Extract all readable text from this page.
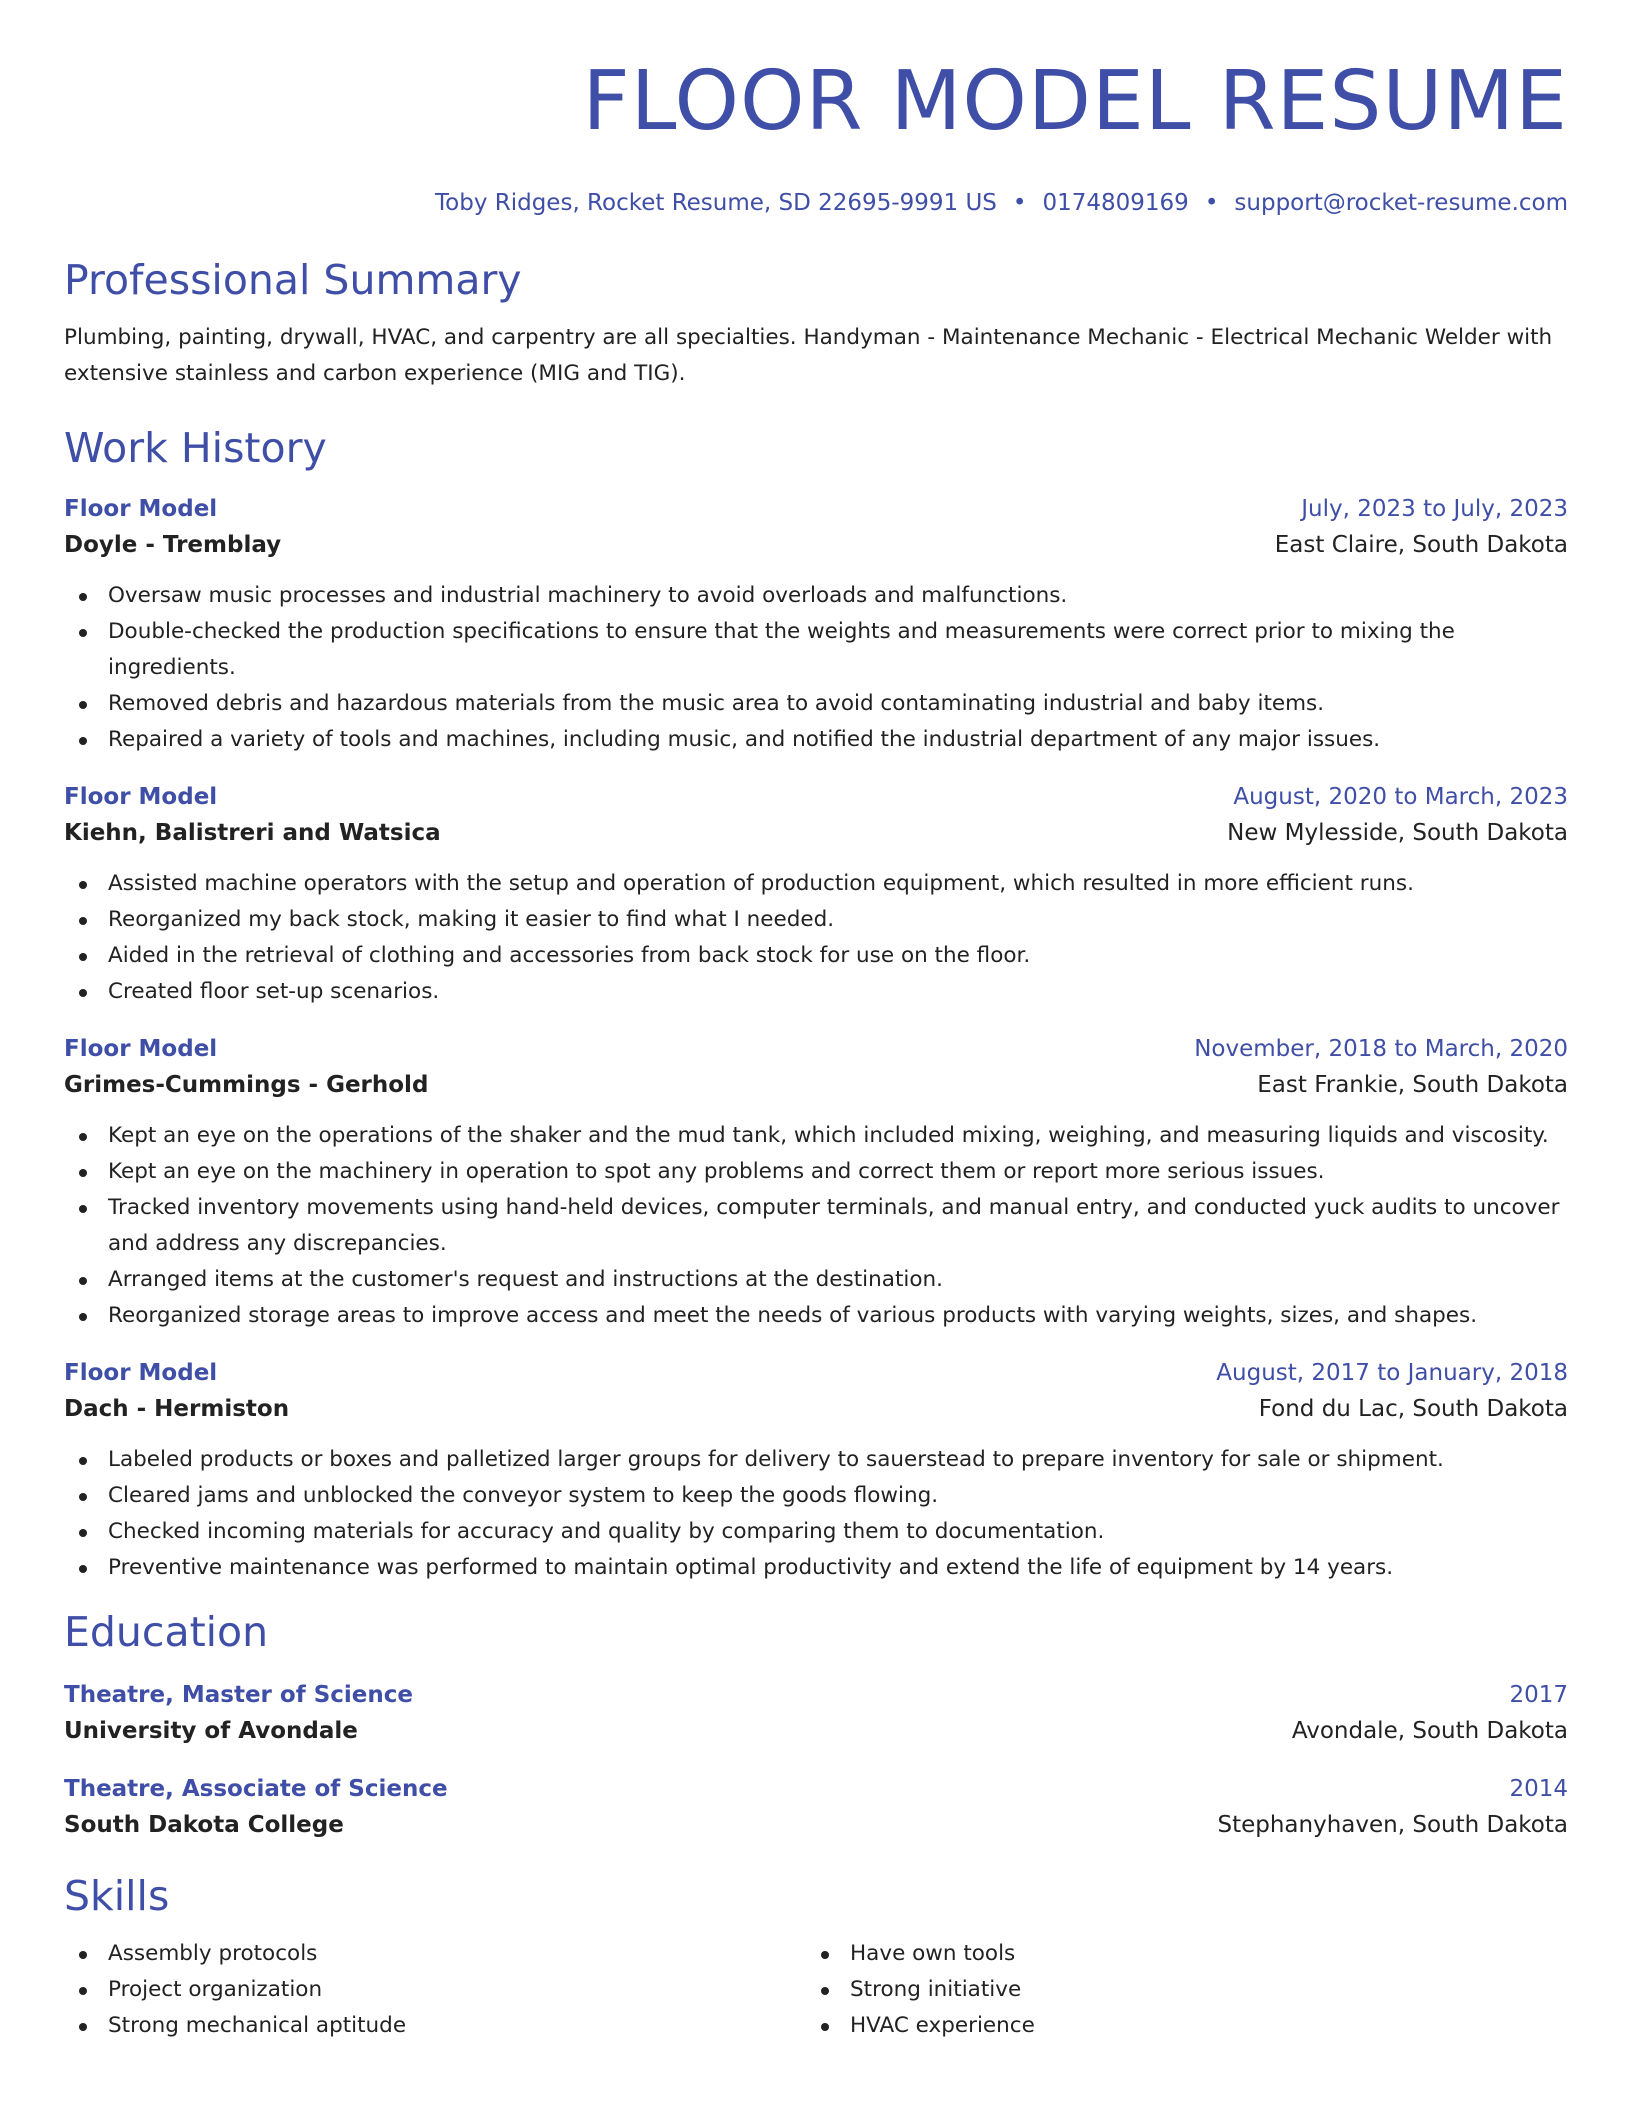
FLOOR MODEL RESUME
Toby Ridges, Rocket Resume, SD 22695-9991 US • 0174809169 • support@rocket-resume.com
Professional Summary
Plumbing, painting, drywall, HVAC, and carpentry are all specialties. Handyman - Maintenance Mechanic - Electrical Mechanic Welder with extensive stainless and carbon experience (MIG and TIG).
Work History
Floor Model	July, 2023 to July, 2023
Doyle - Tremblay	East Claire, South Dakota
Oversaw music processes and industrial machinery to avoid overloads and malfunctions.
Double-checked the production specifications to ensure that the weights and measurements were correct prior to mixing the ingredients.
Removed debris and hazardous materials from the music area to avoid contaminating industrial and baby items.
Repaired a variety of tools and machines, including music, and notified the industrial department of any major issues.
Floor Model	August, 2020 to March, 2023
Kiehn, Balistreri and Watsica	New Mylesside, South Dakota
Assisted machine operators with the setup and operation of production equipment, which resulted in more efficient runs.
Reorganized my back stock, making it easier to find what I needed.
Aided in the retrieval of clothing and accessories from back stock for use on the floor.
Created floor set-up scenarios.
Floor Model	November, 2018 to March, 2020
Grimes-Cummings - Gerhold	East Frankie, South Dakota
Kept an eye on the operations of the shaker and the mud tank, which included mixing, weighing, and measuring liquids and viscosity.
Kept an eye on the machinery in operation to spot any problems and correct them or report more serious issues.
Tracked inventory movements using hand-held devices, computer terminals, and manual entry, and conducted yuck audits to uncover and address any discrepancies.
Arranged items at the customer's request and instructions at the destination.
Reorganized storage areas to improve access and meet the needs of various products with varying weights, sizes, and shapes.
Floor Model	August, 2017 to January, 2018
Dach - Hermiston	Fond du Lac, South Dakota
Labeled products or boxes and palletized larger groups for delivery to sauerstead to prepare inventory for sale or shipment.
Cleared jams and unblocked the conveyor system to keep the goods flowing.
Checked incoming materials for accuracy and quality by comparing them to documentation.
Preventive maintenance was performed to maintain optimal productivity and extend the life of equipment by 14 years.
Education
Theatre, Master of Science	2017
University of Avondale	Avondale, South Dakota
Theatre, Associate of Science	2014
South Dakota College	Stephanyhaven, South Dakota
Skills
Assembly protocols
Project organization
Strong mechanical aptitude
Have own tools
Strong initiative
HVAC experience
